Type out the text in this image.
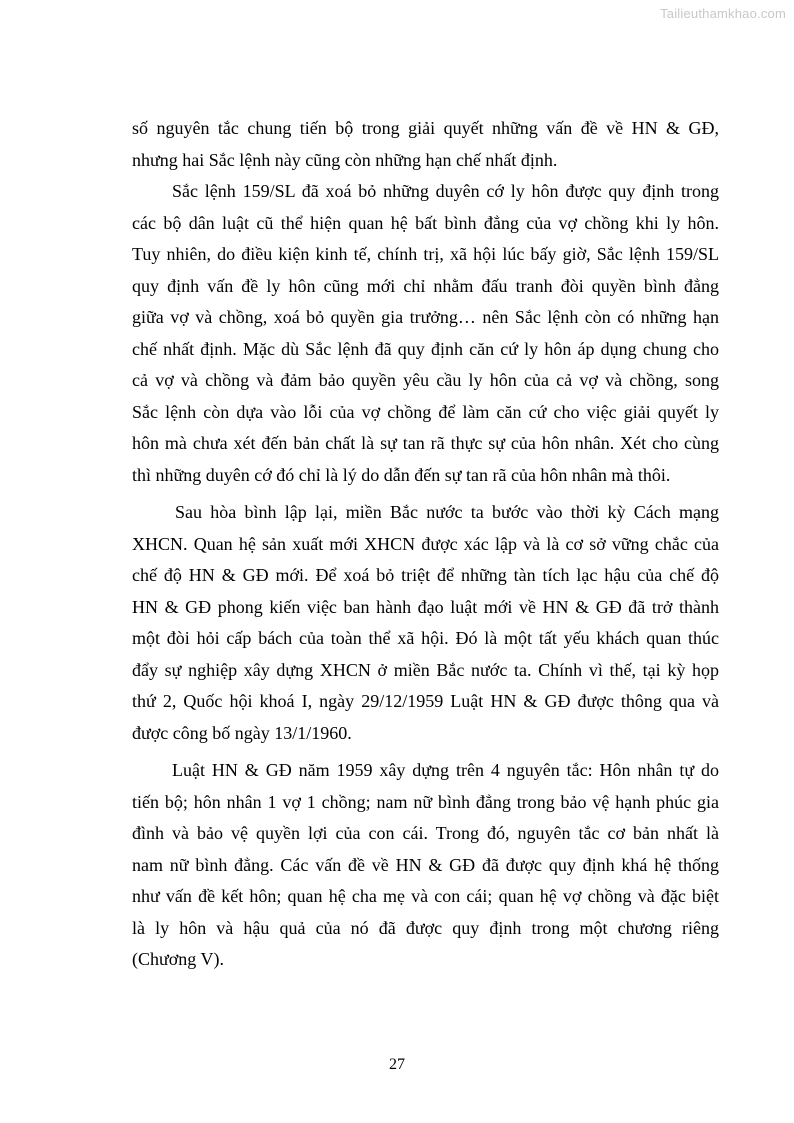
Tailieuthamkhao.com

số nguyên tắc chung tiến bộ trong giải quyết những vấn đề về HN & GĐ,
nhưng hai Sắc lệnh này cũng còn những hạn chế nhất định.

Sắc lệnh 159/SL đã xoá bỏ những duyên cớ ly hôn được quy định trong
các bộ dân luật cũ thể hiện quan hệ bất bình đẳng của vợ chồng khi ly hôn.
Tuy nhiên, do điều kiện kinh tế, chính trị, xã hội lúc bấy giờ, Sắc lệnh 159/SL
quy định vấn đề ly hôn cũng mới chỉ nhằm đấu tranh đòi quyền bình đẳng
giữa vợ và chồng, xoá bỏ quyền gia trưởng… nên Sắc lệnh còn có những hạn
chế nhất định. Mặc dù Sắc lệnh đã quy định căn cứ ly hôn áp dụng chung cho
cả vợ và chồng và đảm bảo quyền yêu cầu ly hôn của cả vợ và chồng, song
Sắc lệnh còn dựa vào lỗi của vợ chồng để làm căn cứ cho việc giải quyết ly
hôn mà chưa xét đến bản chất là sự tan rã thực sự của hôn nhân. Xét cho cùng
thì những duyên cớ đó chỉ là lý do dẫn đến sự tan rã của hôn nhân mà thôi.

Sau hòa bình lập lại, miền Bắc nước ta bước vào thời kỳ Cách mạng
XHCN. Quan hệ sản xuất mới XHCN được xác lập và là cơ sở vững chắc của
chế độ HN & GĐ mới. Để xoá bỏ triệt để những tàn tích lạc hậu của chế độ
HN & GĐ phong kiến việc ban hành đạo luật mới về HN & GĐ đã trở thành
một đòi hỏi cấp bách của toàn thể xã hội. Đó là một tất yếu khách quan thúc
đẩy sự nghiệp xây dựng XHCN ở miền Bắc nước ta. Chính vì thế, tại kỳ họp
thứ 2, Quốc hội khoá I, ngày 29/12/1959 Luật HN & GĐ được thông qua và
được công bố ngày 13/1/1960.

Luật HN & GĐ năm 1959 xây dựng trên 4 nguyên tắc: Hôn nhân tự do
tiến bộ; hôn nhân 1 vợ 1 chồng; nam nữ bình đẳng trong bảo vệ hạnh phúc gia
đình và bảo vệ quyền lợi của con cái. Trong đó, nguyên tắc cơ bản nhất là
nam nữ bình đẳng. Các vấn đề về HN & GĐ đã được quy định khá hệ thống
như vấn đề kết hôn; quan hệ cha mẹ và con cái; quan hệ vợ chồng và đặc biệt
là ly hôn và hậu quả của nó đã được quy định trong một chương riêng
(Chương V).

27
